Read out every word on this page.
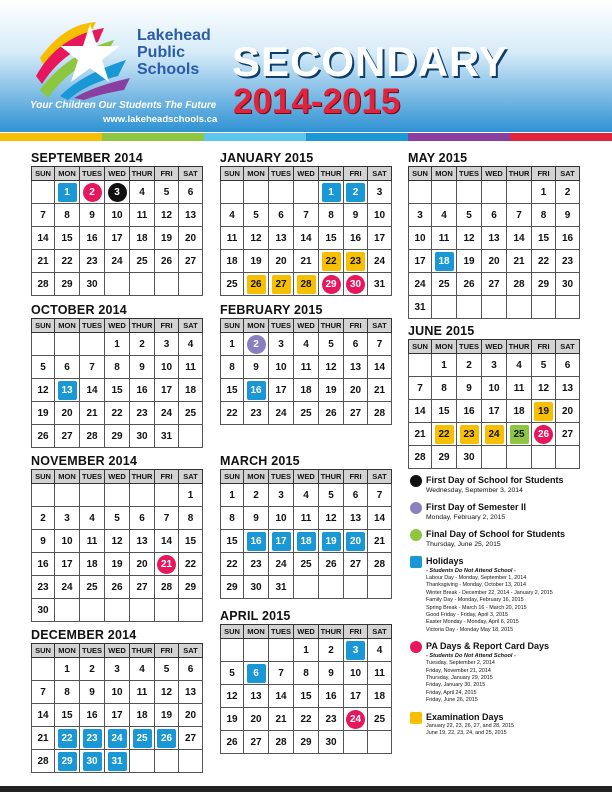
Lakehead
Public
Schools
Your Children Our Students The Future
www.lakeheadschools.ca
SECONDARY
2014-2015
SEPTEMBER 2014
SUN	MON	TUES	WED	THUR	FRI	SAT
	1	2	3	4	5	6
7	8	9	10	11	12	13
14	15	16	17	18	19	20
21	22	23	24	25	26	27
28	29	30				
OCTOBER 2014
SUN	MON	TUES	WED	THUR	FRI	SAT
			1	2	3	4
5	6	7	8	9	10	11
12	13	14	15	16	17	18
19	20	21	22	23	24	25
26	27	28	29	30	31	
NOVEMBER 2014
SUN	MON	TUES	WED	THUR	FRI	SAT
						1
2	3	4	5	6	7	8
9	10	11	12	13	14	15
16	17	18	19	20	21	22
23	24	25	26	27	28	29
30						
DECEMBER 2014
SUN	MON	TUES	WED	THUR	FRI	SAT
	1	2	3	4	5	6
7	8	9	10	11	12	13
14	15	16	17	18	19	20
21	22	23	24	25	26	27
28	29	30	31			
JANUARY 2015
SUN	MON	TUES	WED	THUR	FRI	SAT
				1	2	3
4	5	6	7	8	9	10
11	12	13	14	15	16	17
18	19	20	21	22	23	24
25	26	27	28	29	30	31
FEBRUARY 2015
SUN	MON	TUES	WED	THUR	FRI	SAT
1	2	3	4	5	6	7
8	9	10	11	12	13	14
15	16	17	18	19	20	21
22	23	24	25	26	27	28
MARCH 2015
SUN	MON	TUES	WED	THUR	FRI	SAT
1	2	3	4	5	6	7
8	9	10	11	12	13	14
15	16	17	18	19	20	21
22	23	24	25	26	27	28
29	30	31				
APRIL 2015
SUN	MON	TUES	WED	THUR	FRI	SAT
			1	2	3	4
5	6	7	8	9	10	11
12	13	14	15	16	17	18
19	20	21	22	23	24	25
26	27	28	29	30		
MAY 2015
SUN	MON	TUES	WED	THUR	FRI	SAT
					1	2
3	4	5	6	7	8	9
10	11	12	13	14	15	16
17	18	19	20	21	22	23
24	25	26	27	28	29	30
31						
JUNE 2015
SUN	MON	TUES	WED	THUR	FRI	SAT
	1	2	3	4	5	6
7	8	9	10	11	12	13
14	15	16	17	18	19	20
21	22	23	24	25	26	27
28	29	30				
First Day of School for Students
Wednesday, September 3, 2014
First Day of Semester II
Monday, February 2, 2015
Final Day of School for Students
Thursday, June 25, 2015
Holidays
- Students Do Not Attend School -
Labour Day - Monday, September 1, 2014
Thanksgiving - Monday, October 13, 2014
Winter Break - December 22, 2014 - January 2, 2015
Family Day - Monday, February 16, 2015
Spring Break - March 16 - March 20, 2015
Good Friday - Friday, April 3, 2015
Easter Monday - Monday, April 6, 2015
Victoria Day - Monday May 18, 2015
PA Days & Report Card Days
- Students Do Not Attend School -
Tuesday, September 2, 2014
Friday, November 21, 2014
Thursday, January 29, 2015
Friday, January 30, 2015
Friday, April 24, 2015
Friday, June 26, 2015
Examination Days
January 22, 23, 26, 27, and 28, 2015
June 19, 22, 23, 24, and 25, 2015
